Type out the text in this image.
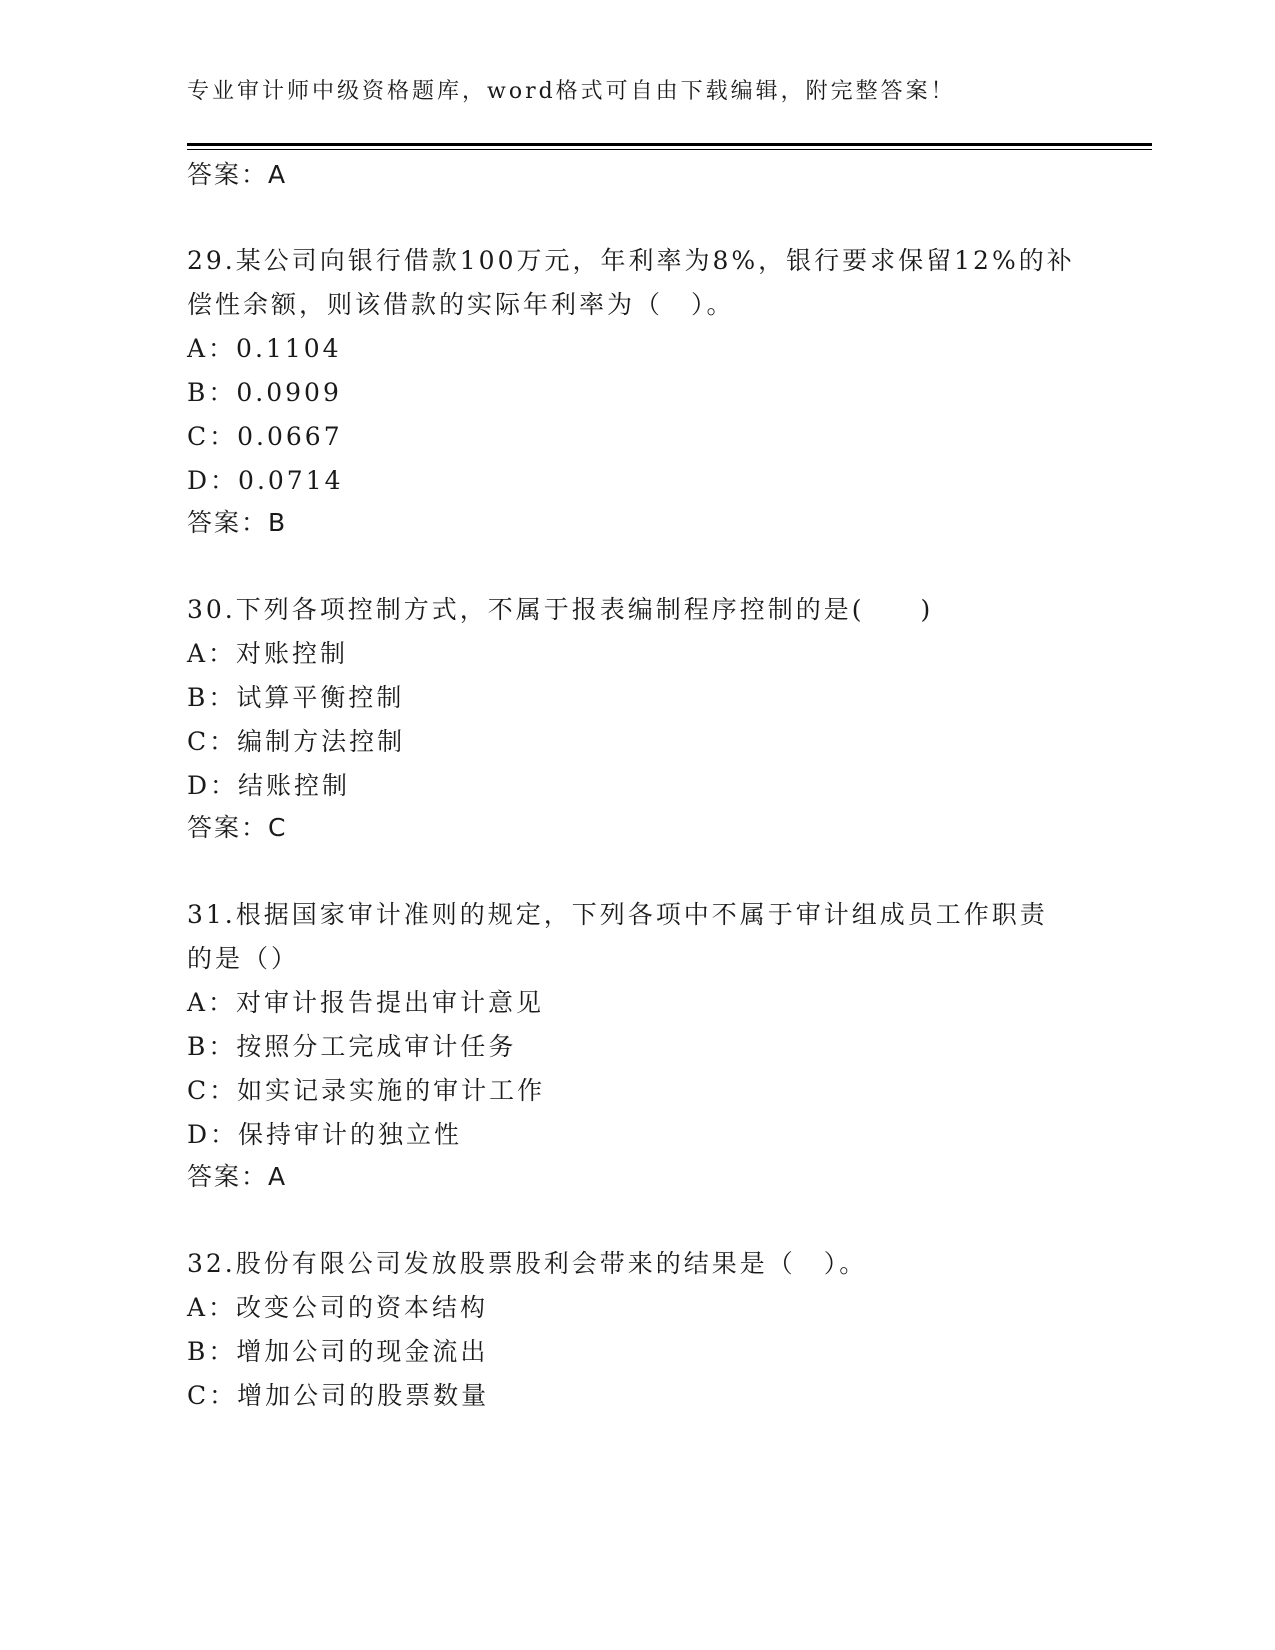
专业审计师中级资格题库，word格式可自由下载编辑，附完整答案！
答案：A
29.某公司向银行借款100万元，年利率为8%，银行要求保留12%的补
偿性余额，则该借款的实际年利率为（　）。
A：0.1104
B：0.0909
C：0.0667
D：0.0714
答案：B
30.下列各项控制方式，不属于报表编制程序控制的是(　　)
A：对账控制
B：试算平衡控制
C：编制方法控制
D：结账控制
答案：C
31.根据国家审计准则的规定，下列各项中不属于审计组成员工作职责
的是（）
A：对审计报告提出审计意见
B：按照分工完成审计任务
C：如实记录实施的审计工作
D：保持审计的独立性
答案：A
32.股份有限公司发放股票股利会带来的结果是（　）。
A：改变公司的资本结构
B：增加公司的现金流出
C：增加公司的股票数量
